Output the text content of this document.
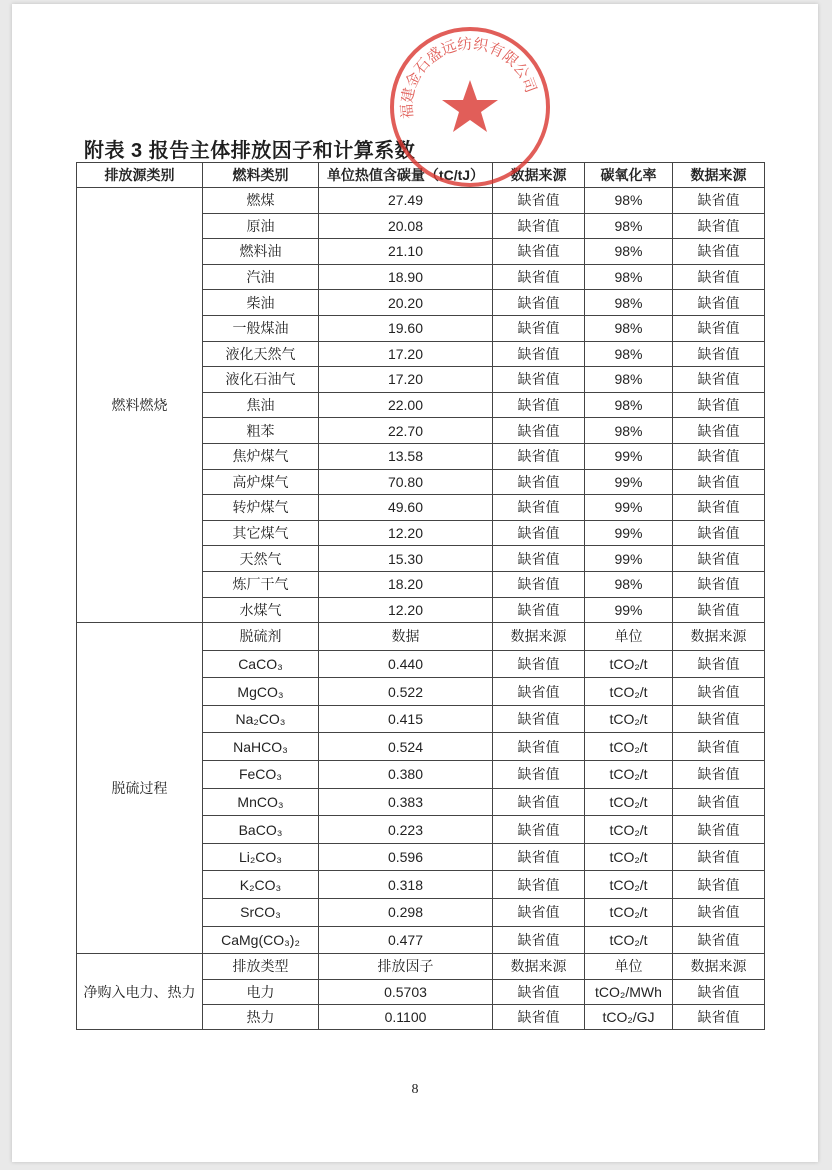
附表 3 报告主体排放因子和计算系数
8
排放源类别	燃料类别	单位热值含碳量（tC/tJ）	数据来源	碳氧化率	数据来源
燃料燃烧	燃煤	27.49	缺省值	98%	缺省值
	原油	20.08	缺省值	98%	缺省值
	燃料油	21.10	缺省值	98%	缺省值
	汽油	18.90	缺省值	98%	缺省值
	柴油	20.20	缺省值	98%	缺省值
	一般煤油	19.60	缺省值	98%	缺省值
	液化天然气	17.20	缺省值	98%	缺省值
	液化石油气	17.20	缺省值	98%	缺省值
	焦油	22.00	缺省值	98%	缺省值
	粗苯	22.70	缺省值	98%	缺省值
	焦炉煤气	13.58	缺省值	99%	缺省值
	高炉煤气	70.80	缺省值	99%	缺省值
	转炉煤气	49.60	缺省值	99%	缺省值
	其它煤气	12.20	缺省值	99%	缺省值
	天然气	15.30	缺省值	99%	缺省值
	炼厂干气	18.20	缺省值	98%	缺省值
	水煤气	12.20	缺省值	99%	缺省值
脱硫过程	脱硫剂	数据	数据来源	单位	数据来源
	CaCO₃	0.440	缺省值	tCO₂/t	缺省值
	MgCO₃	0.522	缺省值	tCO₂/t	缺省值
	Na₂CO₃	0.415	缺省值	tCO₂/t	缺省值
	NaHCO₃	0.524	缺省值	tCO₂/t	缺省值
	FeCO₃	0.380	缺省值	tCO₂/t	缺省值
	MnCO₃	0.383	缺省值	tCO₂/t	缺省值
	BaCO₃	0.223	缺省值	tCO₂/t	缺省值
	Li₂CO₃	0.596	缺省值	tCO₂/t	缺省值
	K₂CO₃	0.318	缺省值	tCO₂/t	缺省值
	SrCO₃	0.298	缺省值	tCO₂/t	缺省值
	CaMg(CO₃)₂	0.477	缺省值	tCO₂/t	缺省值
净购入电力、热力	排放类型	排放因子	数据来源	单位	数据来源
	电力	0.5703	缺省值	tCO₂/MWh	缺省值
	热力	0.1100	缺省值	tCO₂/GJ	缺省值
福建金石盛远纺织有限公司
